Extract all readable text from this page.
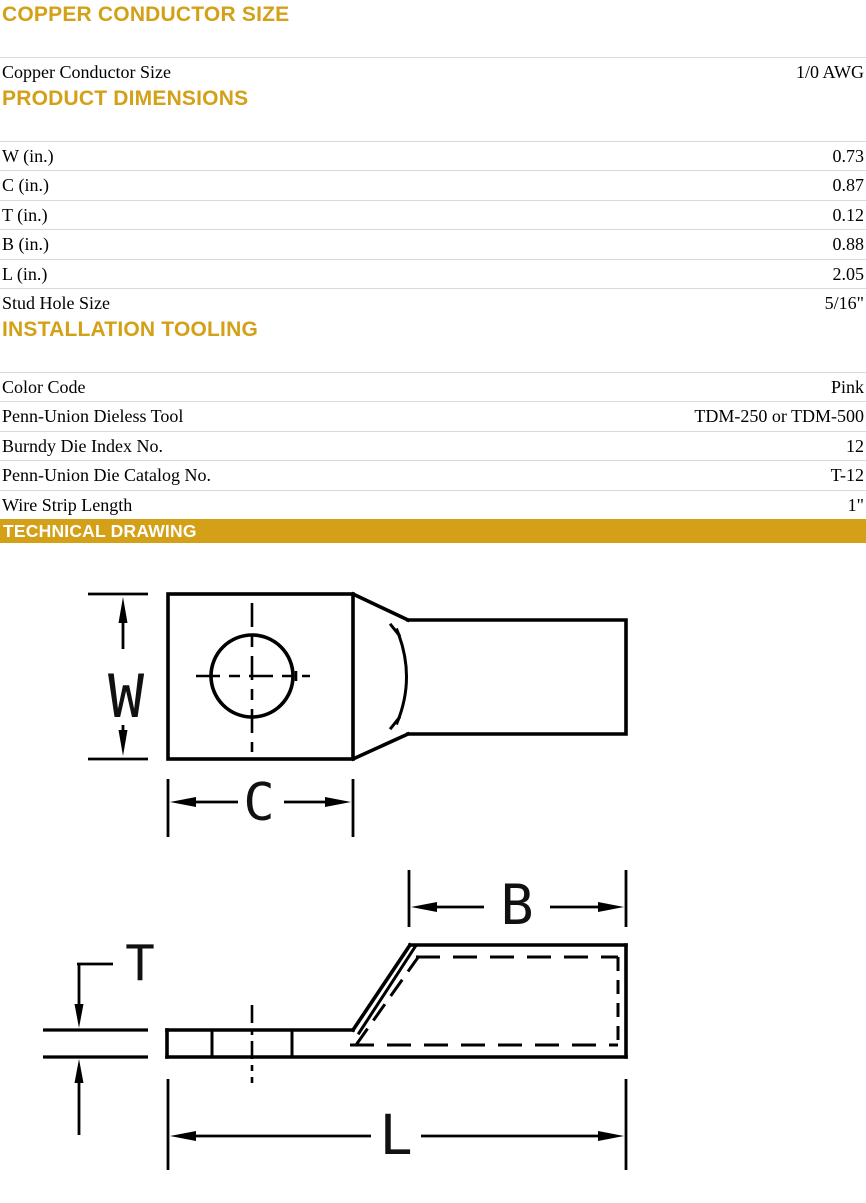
COPPER CONDUCTOR SIZE
Copper Conductor Size	1/0 AWG
PRODUCT DIMENSIONS
W (in.)	0.73
C (in.)	0.87
T (in.)	0.12
B (in.)	0.88
L (in.)	2.05
Stud Hole Size	5/16"
INSTALLATION TOOLING
Color Code	Pink
Penn-Union Dieless Tool	TDM-250 or TDM-500
Burndy Die Index No.	12
Penn-Union Die Catalog No.	T-12
Wire Strip Length	1"
TECHNICAL DRAWING
W
C
B
T
L
